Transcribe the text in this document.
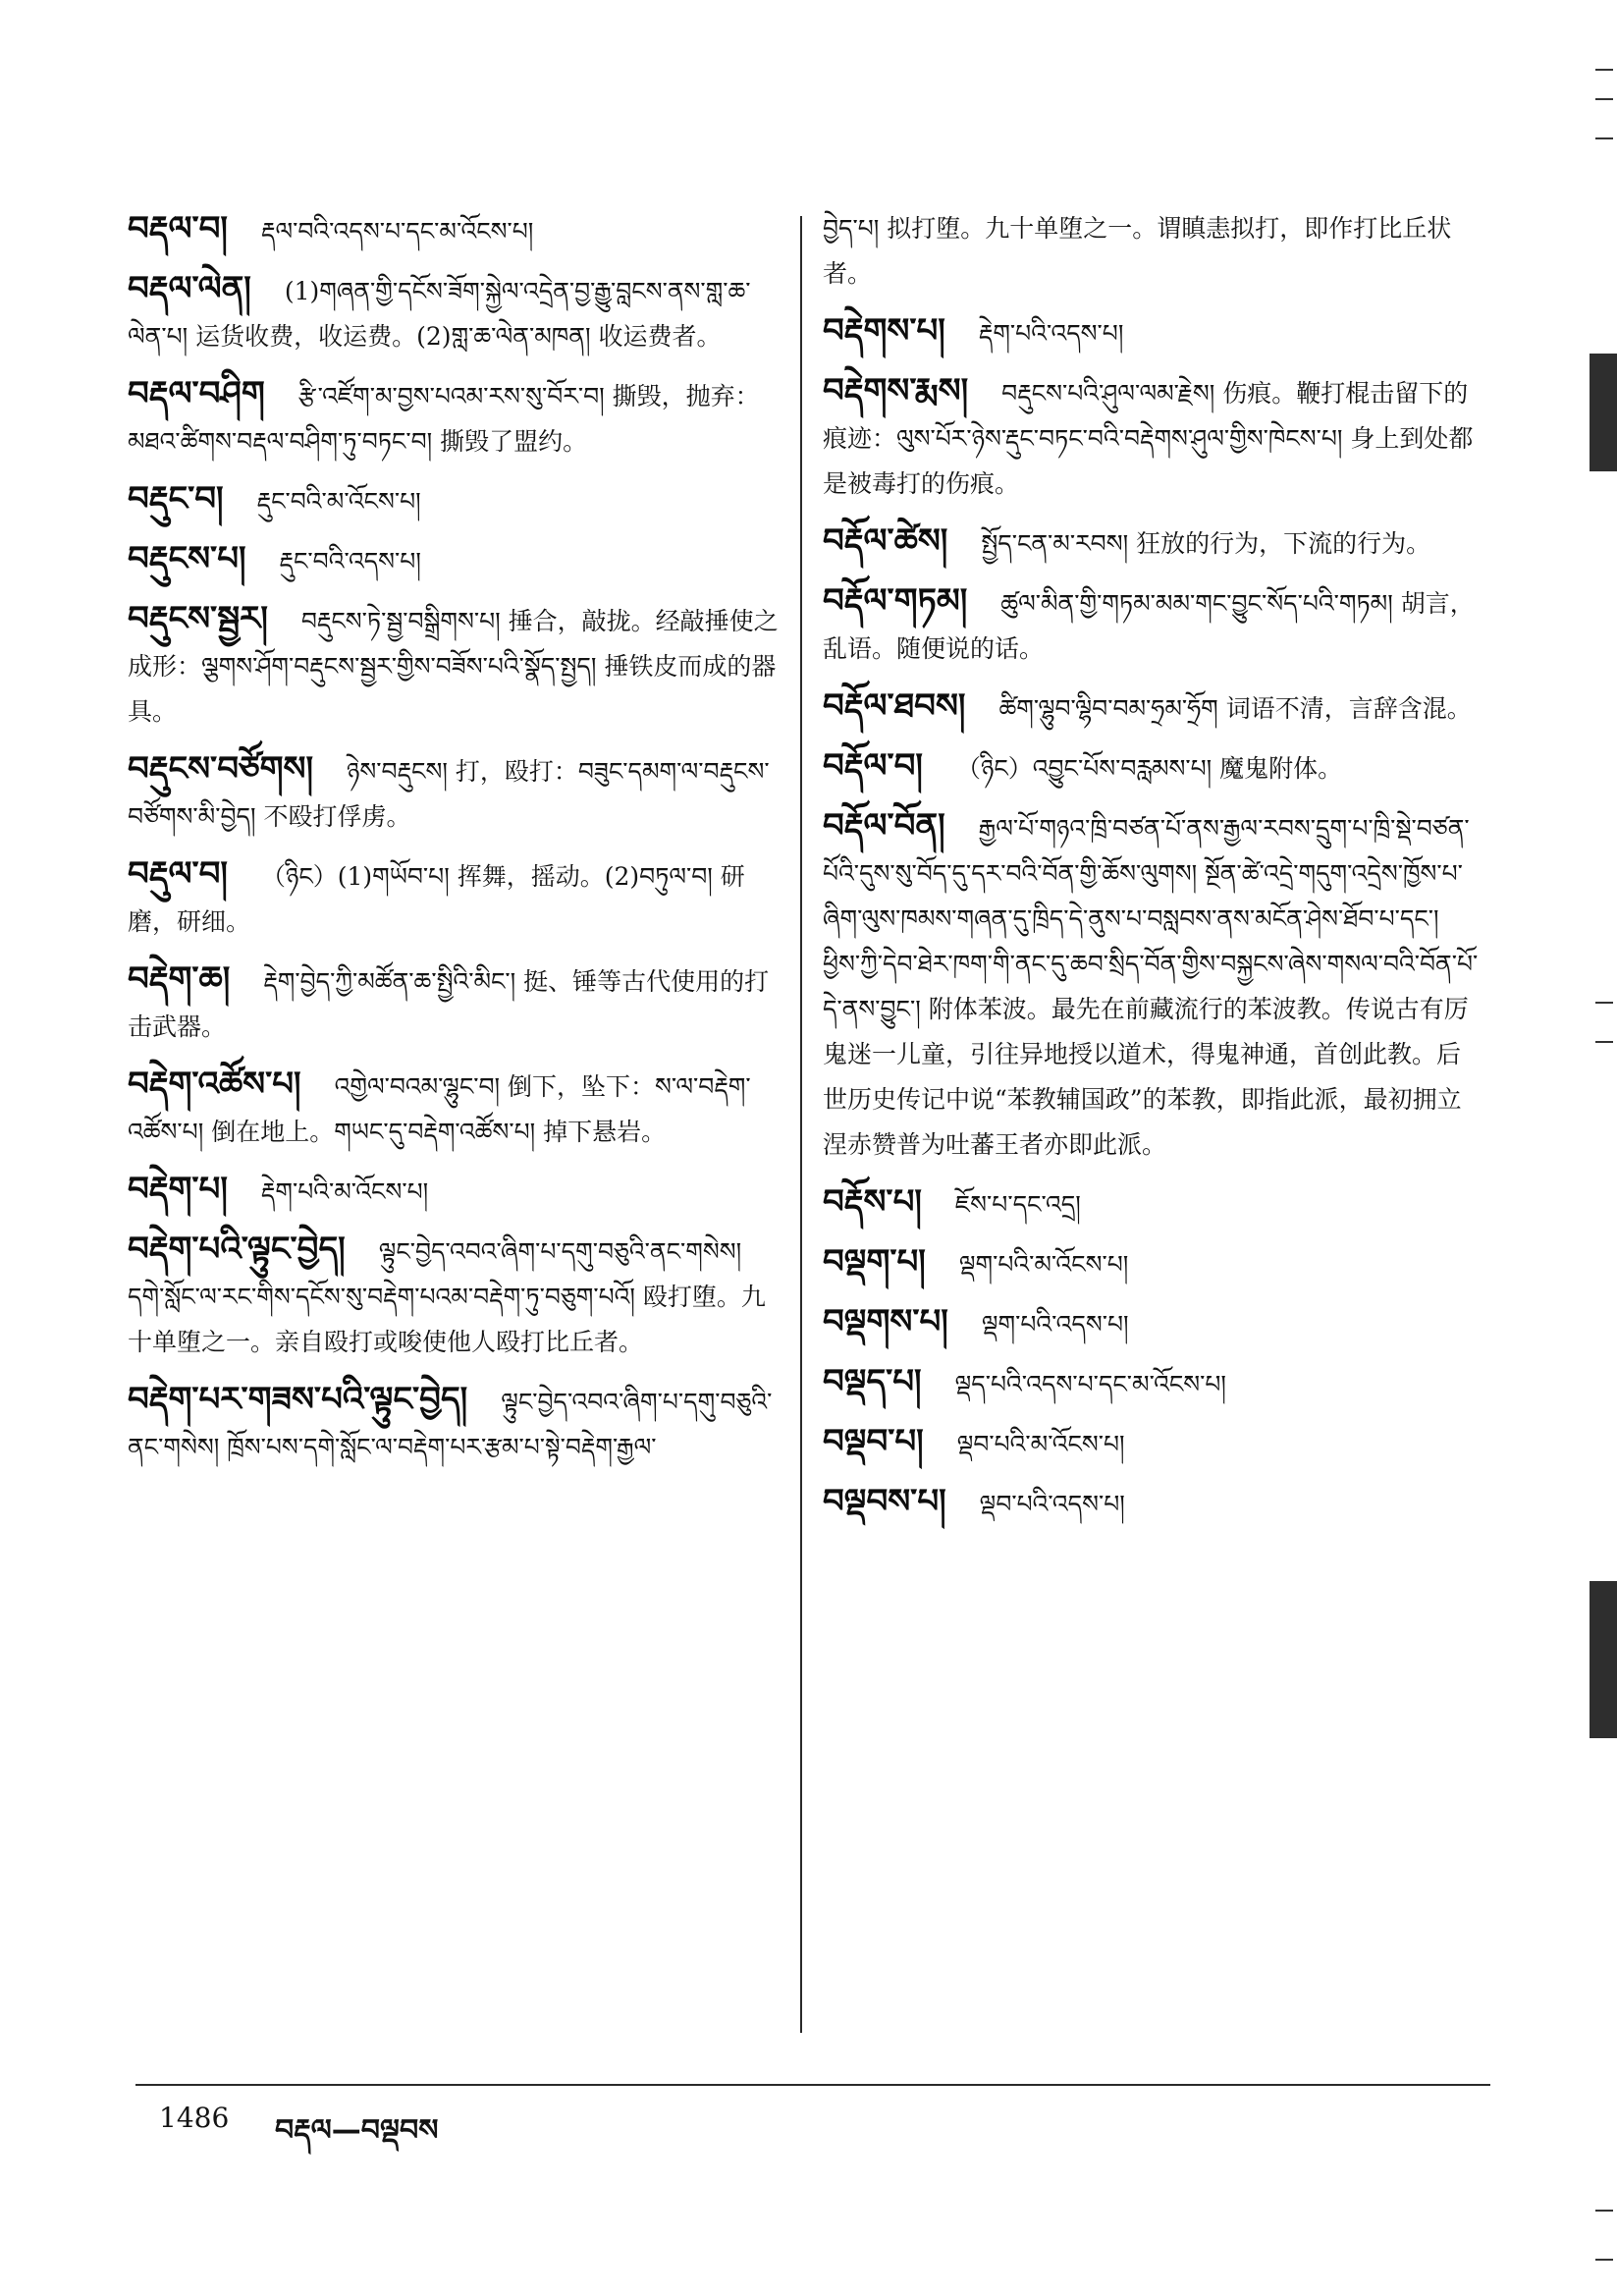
བརྡལ་བ། རྡལ་བའི་འདས་པ་དང་མ་འོངས་པ།
བརྡལ་ལེན། (1)གཞན་གྱི་དངོས་ཟོག་སྐྱེལ་འདྲེན་བྱ་རྒྱུ་བླངས་ནས་གླ་ཆ་ལེན་པ། 运货收费，收运费。(2)གླ་ཆ་ལེན་མཁན། 收运费者。
བརྡལ་བཤིག རྩི་འཛོག་མ་བྱས་པའམ་རས་སུ་བོར་བ། 撕毁，抛弃：མཐའ་ཚིགས་བརྡལ་བཤིག་ཏུ་བཏང་བ། 撕毁了盟约。
བརྡུང་བ། རྡུང་བའི་མ་འོངས་པ།
བརྡུངས་པ། རྡུང་བའི་འདས་པ།
བརྡུངས་སྦྱར། བརྡུངས་ཏེ་སྦྱ་བསྒྲིགས་པ། 捶合，敲拢。经敲捶使之成形：ལྕགས་ཤོག་བརྡུངས་སྦྱར་གྱིས་བཟོས་པའི་སྣོད་སྤྱད། 捶铁皮而成的器具。
བརྡུངས་བཙོགས། ཉེས་བརྡུངས། 打，殴打：བཟུང་དམག་ལ་བརྡུངས་བཙོགས་མི་བྱེད། 不殴打俘虏。
བརྡུལ་བ། （ཉིང）(1)གཡོབ་པ། 挥舞，摇动。(2)བཏུལ་བ། 研磨，研细。
བརྡེག་ཆ། རྡེག་བྱེད་ཀྱི་མཚོན་ཆ་སྤྱིའི་མིང་། 挺、锤等古代使用的打击武器。
བརྡེག་འཚོས་པ། འགྱེལ་བའམ་ལྷུང་བ། 倒下，坠下：ས་ལ་བརྡེག་འཚོས་པ། 倒在地上。གཡང་དུ་བརྡེག་འཚོས་པ། 掉下悬岩。
བརྡེག་པ། རྡེག་པའི་མ་འོངས་པ།
བརྡེག་པའི་ལྟུང་བྱེད། ལྟུང་བྱེད་འབའ་ཞིག་པ་དགུ་བཅུའི་ནང་གསེས། དགེ་སློང་ལ་རང་གིས་དངོས་སུ་བརྡེག་པའམ་བརྡེག་ཏུ་བཅུག་པའོ། 殴打堕。九十单堕之一。亲自殴打或唆使他人殴打比丘者。
བརྡེག་པར་གཟས་པའི་ལྟུང་བྱེད། ལྟུང་བྱེད་འབའ་ཞིག་པ་དགུ་བཅུའི་ནང་གསེས། ཁྲོས་པས་དགེ་སློང་ལ་བརྡེག་པར་རྩམ་པ་སྟེ་བརྡེག་རྒྱལ་
བྱེད་པ། 拟打堕。九十单堕之一。谓瞋恚拟打，即作打比丘状者。
བརྡེགས་པ། རྡེག་པའི་འདས་པ།
བརྡེགས་རྨས། བརྡུངས་པའི་ཤུལ་ལམ་རྗེས། 伤痕。鞭打棍击留下的痕迹：ལུས་པོར་ཉེས་རྡུང་བཏང་བའི་བརྡེགས་ཤུལ་གྱིས་ཁེངས་པ། 身上到处都是被毒打的伤痕。
བརྡོལ་ཚེས། སྤྱོད་ངན་མ་རབས། 狂放的行为，下流的行为。
བརྡོལ་གཏམ། ཚུལ་མིན་གྱི་གཏམ་མམ་གང་བྱུང་སོད་པའི་གཏམ། 胡言，乱语。随便说的话。
བརྡོལ་ཐབས། ཚིག་ལྷུབ་ལྷིབ་བམ་ཧྲམ་ཧྲོག 词语不清，言辞含混。
བརྡོལ་བ། （ཉིང）འབྱུང་པོས་བརླམས་པ། 魔鬼附体。
བརྡོལ་བོན། རྒྱལ་པོ་གཉའ་ཁྲི་བཙན་པོ་ནས་རྒྱལ་རབས་དྲུག་པ་ཁྲི་སྡེ་བཙན་པོའི་དུས་སུ་བོད་དུ་དར་བའི་བོན་གྱི་ཆོས་ལུགས། སྔོན་ཚེ་འདྲེ་གདུག་འདྲེས་ཁྱོས་པ་ཞིག་ལུས་ཁམས་གཞན་དུ་ཁྲིད་དེ་ནུས་པ་བསླབས་ནས་མངོན་ཤེས་ཐོབ་པ་དང་། ཕྱིས་ཀྱི་དེབ་ཐེར་ཁག་གི་ནང་དུ་ཆབ་སྲིད་བོན་གྱིས་བསྐྱངས་ཞེས་གསལ་བའི་བོན་པོ་དེ་ནས་བྱུང་། 附体苯波。最先在前藏流行的苯波教。传说古有厉鬼迷一儿童，引往异地授以道术，得鬼神通，首创此教。后世历史传记中说“苯教辅国政”的苯教，即指此派，最初拥立涅赤赞普为吐蕃王者亦即此派。
བརྡོས་པ། ཇོས་པ་དང་འདྲ།
བལྡག་པ། ལྡག་པའི་མ་འོངས་པ།
བལྡགས་པ། ལྡག་པའི་འདས་པ།
བལྡད་པ། ལྡད་པའི་འདས་པ་དང་མ་འོངས་པ།
བལྡབ་པ། ལྡབ་པའི་མ་འོངས་པ།
བལྡབས་པ། ལྡབ་པའི་འདས་པ།
1486 བརྡལ—བལྡབས
